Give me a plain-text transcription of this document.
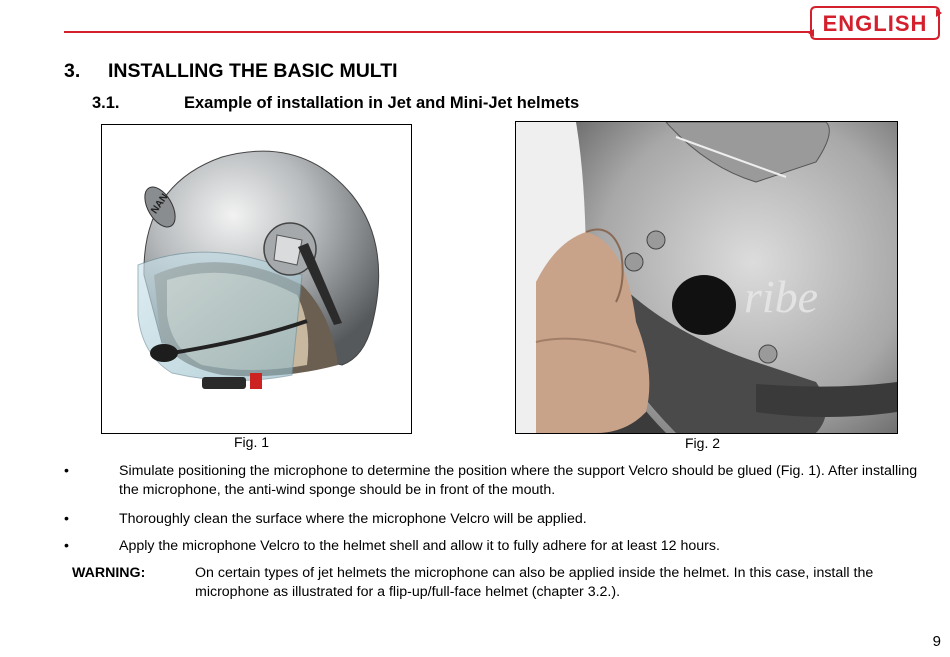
ENGLISH
3. INSTALLING THE BASIC MULTI
3.1.	Example of installation in Jet and Mini-Jet helmets
NAN
Fig. 1
ribe
Fig. 2
•	Simulate positioning the microphone to determine the position where the support Velcro should be glued (Fig. 1). After installing the microphone, the anti-wind sponge should be in front of the mouth.
•	Thoroughly clean the surface where the microphone Velcro will be applied.
•	Apply the microphone Velcro to the helmet shell and allow it to fully adhere for at least 12 hours.
WARNING:	On certain types of jet helmets the microphone can also be applied inside the helmet. In this case, install the microphone as illustrated for a flip-up/full-face helmet (chapter 3.2.).
9
